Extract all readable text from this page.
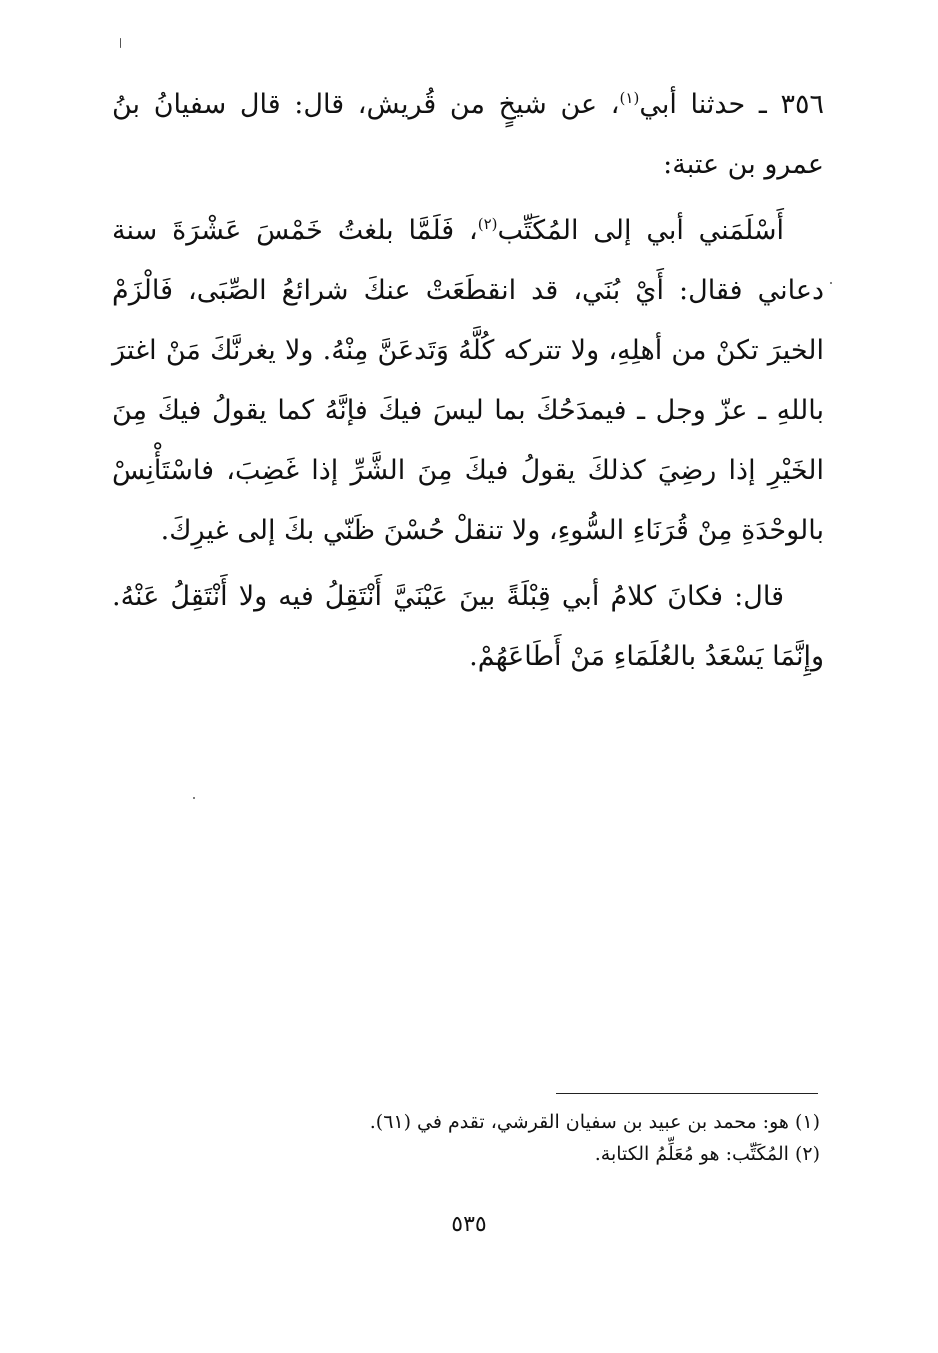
٣٥٦ ـ حدثنا أبي$^{(١)}$، عن شيخٍ من قُريش، قال: قال سفيانُ بنُ عمرو بن عتبة:

أَسْلَمَني أبي إلى المُكَتِّب$^{(٢)}$، فَلَمَّا بلغتُ خَمْسَ عَشْرَةَ سنة دعاني فقال: أَيْ بُنَي، قد انقطَعَتْ عنكَ شرائعُ الصِّبَى، فَالْزَمْ الخيرَ تكنْ من أهلِهِ، ولا تتركه كُلَّهُ وَتَدعَنَّ مِنْهُ. ولا يغرنَّكَ مَنْ اغترَ باللهِ ـ عزّ وجل ـ فيمدَحُكَ بما ليسَ فيكَ فإنَّهُ كما يقولُ فيكَ مِنَ الخَيْرِ إذا رضِيَ كذلكَ يقولُ فيكَ مِنَ الشَّرِّ إذا غَضِبَ، فاسْتَأْنِسْ بالوحْدَةِ مِنْ قُرَنَاءِ السُّوءِ، ولا تنقلْ حُسْنَ ظَنّي بكَ إلى غيرِكَ.

قال: فكانَ كلامُ أبي قِبْلَةً بينَ عَيْنَيَّ أَنْتَقِلُ فيه ولا أَنْتَقِلُ عَنْهُ. وإِنَّمَا يَسْعَدُ بالعُلَمَاءِ مَنْ أَطَاعَهُمْ.

(١) هو: محمد بن عبيد بن سفيان القرشي، تقدم في (٦١).

(٢) المُكَتِّب: هو مُعَلِّمُ الكتابة.

٥٣٥
